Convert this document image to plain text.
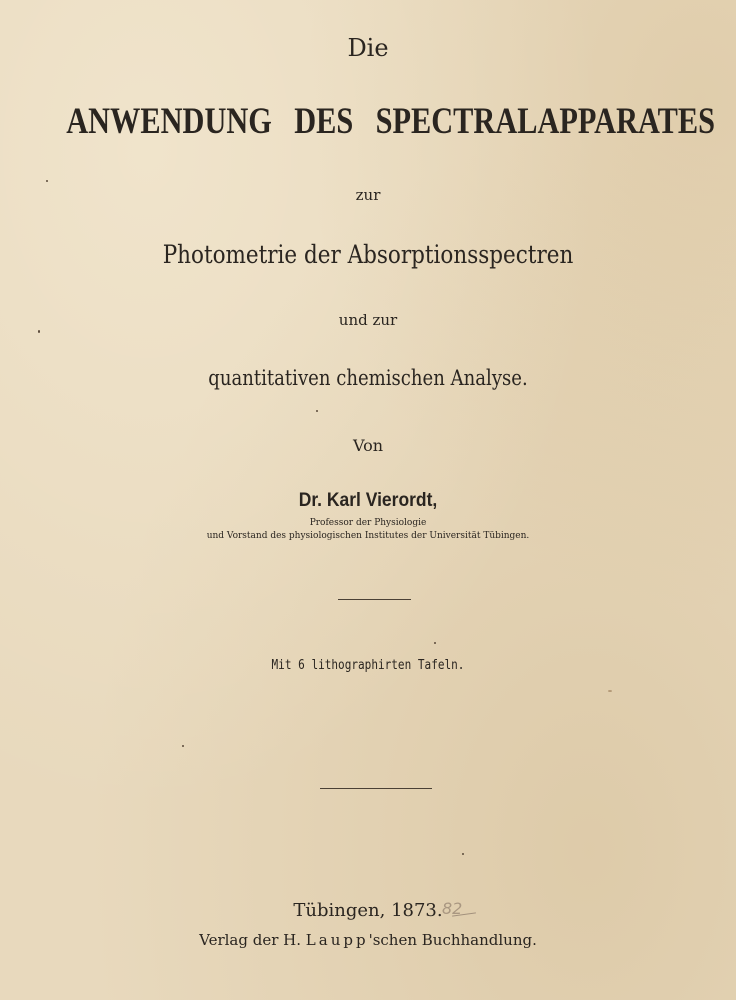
Die
ANWENDUNG DES SPECTRALAPPARATES
zur
Photometrie der Absorptionsspectren
und zur
quantitativen chemischen Analyse.
Von
Dr. Karl Vierordt,
Professor der Physiologie
und Vorstand des physiologischen Institutes der Universität Tübingen.
Mit 6 lithographirten Tafeln.
Tübingen, 1873. 82
Verlag der H. Laupp'schen Buchhandlung.
